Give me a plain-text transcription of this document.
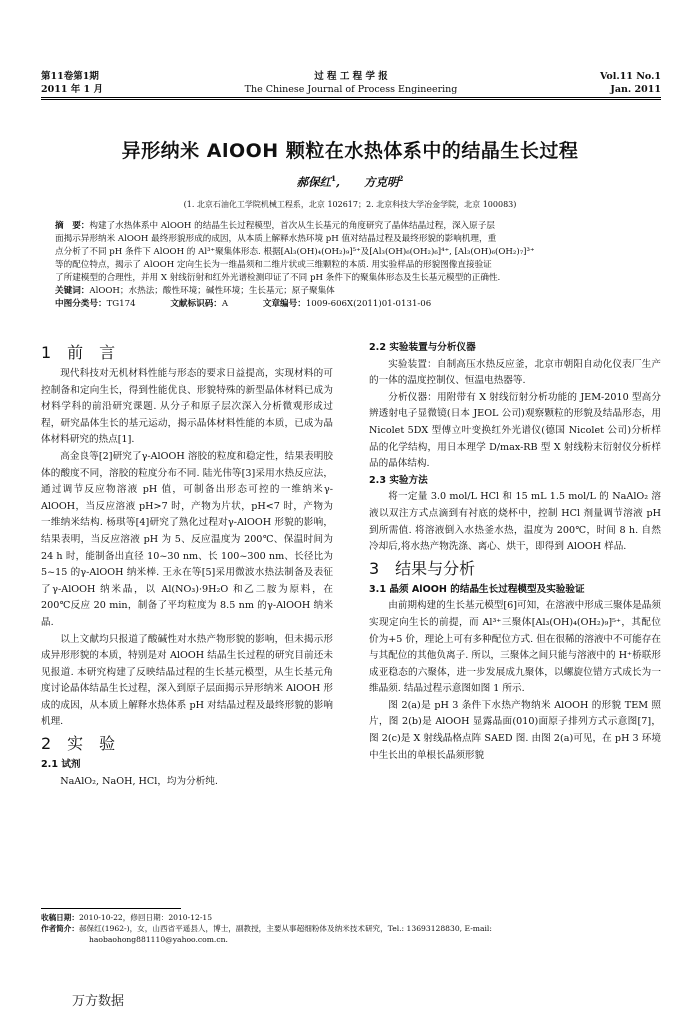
第11卷第1期
2011 年 1 月
过 程 工 程 学 报
The Chinese Journal of Process Engineering
Vol.11 No.1
Jan. 2011
异形纳米 AlOOH 颗粒在水热体系中的结晶生长过程
郝保红$^1$,      方克明$^2$
(1. 北京石油化工学院机械工程系，北京 102617；2. 北京科技大学冶金学院，北京 100083)
摘　要：构建了水热体系中 AlOOH 的结晶生长过程模型，首次从生长基元的角度研究了晶体结晶过程，深入原子层
面揭示异形纳米 AlOOH 最终形貌形成的成因，从本质上解释水热环境 pH 值对结晶过程及最终形貌的影响机理，重
点分析了不同 pH 条件下 AlOOH 的 Al³⁺聚集体形态. 根据[Al₃(OH)₄(OH₂)₉]⁵⁺及[Al₃(OH)₆(OH₂)₆]⁴⁺, [Al₃(OH)₆(OH₂)₇]³⁺
等的配位特点，揭示了 AlOOH 定向生长为一维晶须和二维片状或三维颗粒的本质. 用实验样品的形貌图像直接验证
了所建模型的合理性，并用 X 射线衍射和红外光谱检测印证了不同 pH 条件下的聚集体形态及生长基元模型的正确性.
关键词：AlOOH；水热法；酸性环境；碱性环境；生长基元；原子聚集体
中图分类号：TG174	文献标识码：A	文章编号：1009-606X(2011)01-0131-06
1　前　言

现代科技对无机材料性能与形态的要求日益提高，实现材料的可控制备和定向生长，得到性能优良、形貌特殊的新型晶体材料已成为材料学科的前沿研究课题. 从分子和原子层次深入分析微观形成过程，研究晶体生长的基元运动，揭示晶体材料性能的本质，已成为晶体材料研究的热点[1].

高金良等[2]研究了γ-AlOOH 溶胶的粒度和稳定性，结果表明胶体的酸度不同，溶胶的粒度分布不同. 陆光伟等[3]采用水热反应法，通过调节反应物溶液 pH 值，可制备出形态可控的一维纳米γ-AlOOH，当反应溶液 pH>7 时，产物为片状，pH<7 时，产物为一维纳米结构. 杨琪等[4]研究了熟化过程对γ-AlOOH 形貌的影响，结果表明，当反应溶液 pH 为 5、反应温度为 200℃、保温时间为 24 h 时，能制备出直径 10~30 nm、长 100~300 nm、长径比为 5~15 的γ-AlOOH 纳米棒. 王永在等[5]采用微波水热法制备及表征了γ-AlOOH 纳米晶，以 Al(NO₃)·9H₂O 和乙二胺为原料，在 200℃反应 20 min，制备了平均粒度为 8.5 nm 的γ-AlOOH 纳米晶.

以上文献均只报道了酸碱性对水热产物形貌的影响，但未揭示形成异形形貌的本质，特别是对 AlOOH 结晶生长过程的研究目前还未见报道. 本研究构建了反映结晶过程的生长基元模型，从生长基元角度讨论晶体结晶生长过程，深入到原子层面揭示异形纳米 AlOOH 形成的成因，从本质上解释水热体系 pH 对结晶过程及最终形貌的影响机理.

2　实　验
2.1 试剂

NaAlO₂, NaOH, HCl，均为分析纯.

2.2 实验装置与分析仪器

实验装置：自制高压水热反应釜，北京市朝阳自动化仪表厂生产的一体的温度控制仪、恒温电热器等.

分析仪器：用附带有 X 射线衍射分析功能的 JEM-2010 型高分辨透射电子显微镜(日本 JEOL 公司)观察颗粒的形貌及结晶形态，用 Nicolet 5DX 型傅立叶变换红外光谱仪(德国 Nicolet 公司)分析样品的化学结构，用日本理学 D/max-RB 型 X 射线粉末衍射仪分析样品的晶体结构.

2.3 实验方法

将一定量 3.0 mol/L HCl 和 15 mL 1.5 mol/L 的 NaAlO₂ 溶液以双注方式点滴到有衬底的烧杯中，控制 HCl 剂量调节溶液 pH 到所需值. 将溶液倒入水热釜水热，温度为 200℃，时间 8 h. 自然冷却后,将水热产物洗涤、离心、烘干，即得到 AlOOH 样品.

3　结果与分析
3.1 晶须 AlOOH 的结晶生长过程模型及实验验证

由前期构建的生长基元模型[6]可知，在溶液中形成三聚体是晶须实现定向生长的前提，而 Al³⁺三聚体[Al₃(OH)₄(OH₂)₉]⁵⁺，其配位价为+5 价，理论上可有多种配位方式. 但在很稀的溶液中不可能存在与其配位的其他负离子. 所以，三聚体之间只能与溶液中的 H⁺桥联形成亚稳态的六聚体，进一步发展成九聚体，以螺旋位错方式成长为一维晶须. 结晶过程示意图如图 1 所示.

图 2(a)是 pH 3 条件下水热产物纳米 AlOOH 的形貌 TEM 照片，图 2(b)是 AlOOH 显露晶面(010)面原子排列方式示意图[7]，图 2(c)是 X 射线晶格点阵 SAED 图. 由图 2(a)可见，在 pH 3 环境中生长出的单根长晶须形貌

收稿日期：2010-10-22，修回日期：2010-12-15
作者简介：郝保红(1962-)，女，山西省平遥县人，博士，副教授，主要从事超细粉体及纳米技术研究，Tel.: 13693128830, E-mail:
haobaohong881110@yahoo.com.cn.
万方数据
